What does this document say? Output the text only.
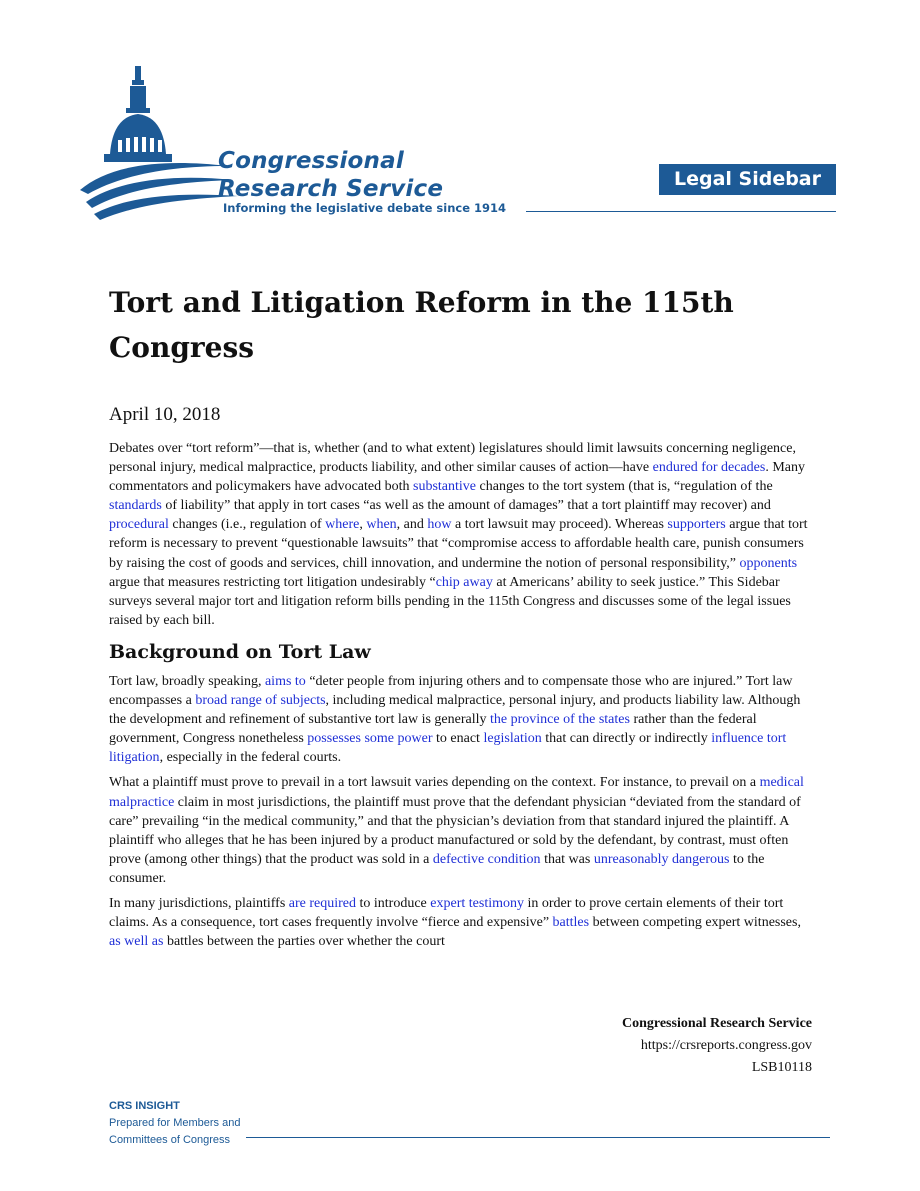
Congressional
Research Service
Informing the legislative debate since 1914
Legal Sidebar
Tort and Litigation Reform in the 115th Congress
April 10, 2018

Debates over “tort reform”—that is, whether (and to what extent) legislatures should limit lawsuits concerning negligence, personal injury, medical malpractice, products liability, and other similar causes of action—have endured for decades. Many commentators and policymakers have advocated both substantive changes to the tort system (that is, “regulation of the standards of liability” that apply in tort cases “as well as the amount of damages” that a tort plaintiff may recover) and procedural changes (i.e., regulation of where, when, and how a tort lawsuit may proceed). Whereas supporters argue that tort reform is necessary to prevent “questionable lawsuits” that “compromise access to affordable health care, punish consumers by raising the cost of goods and services, chill innovation, and undermine the notion of personal responsibility,” opponents argue that measures restricting tort litigation undesirably “chip away at Americans’ ability to seek justice.” This Sidebar surveys several major tort and litigation reform bills pending in the 115th Congress and discusses some of the legal issues raised by each bill.

Background on Tort Law

Tort law, broadly speaking, aims to “deter people from injuring others and to compensate those who are injured.” Tort law encompasses a broad range of subjects, including medical malpractice, personal injury, and products liability law. Although the development and refinement of substantive tort law is generally the province of the states rather than the federal government, Congress nonetheless possesses some power to enact legislation that can directly or indirectly influence tort litigation, especially in the federal courts.

What a plaintiff must prove to prevail in a tort lawsuit varies depending on the context. For instance, to prevail on a medical malpractice claim in most jurisdictions, the plaintiff must prove that the defendant physician “deviated from the standard of care” prevailing “in the medical community,” and that the physician’s deviation from that standard injured the plaintiff. A plaintiff who alleges that he has been injured by a product manufactured or sold by the defendant, by contrast, must often prove (among other things) that the product was sold in a defective condition that was unreasonably dangerous to the consumer.

In many jurisdictions, plaintiffs are required to introduce expert testimony in order to prove certain elements of their tort claims. As a consequence, tort cases frequently involve “fierce and expensive” battles between competing expert witnesses, as well as battles between the parties over whether the court

Congressional Research Service
https://crsreports.congress.gov
LSB10118
CRS INSIGHT
Prepared for Members and
Committees of Congress
